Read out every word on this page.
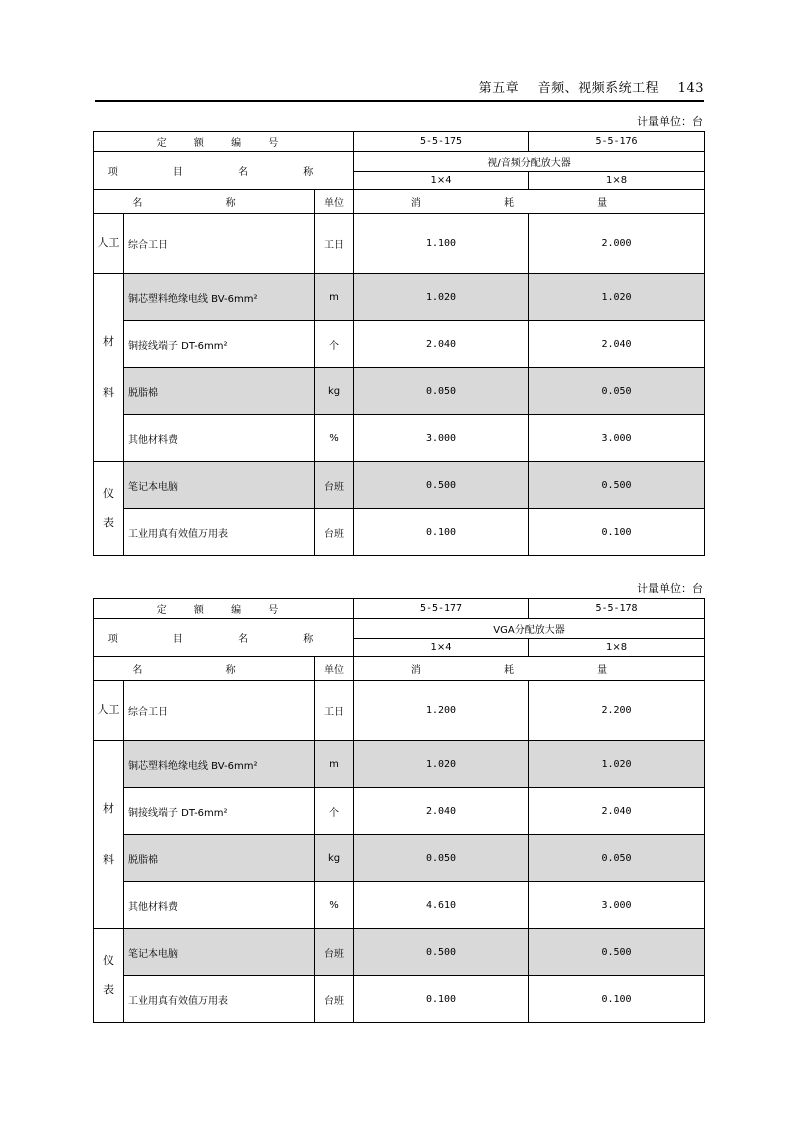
第五章 音频、视频系统工程 143
计量单位：台
定 额 编 号			5-5-175	5-5-176
项 目 名 称			视/音频分配放大器	
			1×4	1×8
名 称		单位	消 耗 量	
人工	综合工日	工日	1.100	2.000

材
料	铜芯塑料绝缘电线 BV-6mm²	m	1.020	1.020
	铜接线端子 DT-6mm²	个	2.040	2.040
	脱脂棉	kg	0.050	0.050
	其他材料费	%	3.000	3.000

仪
表	笔记本电脑	台班	0.500	0.500
	工业用真有效值万用表	台班	0.100	0.100
计量单位：台
定 额 编 号			5-5-177	5-5-178
项 目 名 称			VGA分配放大器	
			1×4	1×8
名 称		单位	消 耗 量	
人工	综合工日	工日	1.200	2.200

材
料	铜芯塑料绝缘电线 BV-6mm²	m	1.020	1.020
	铜接线端子 DT-6mm²	个	2.040	2.040
	脱脂棉	kg	0.050	0.050
	其他材料费	%	4.610	3.000

仪
表	笔记本电脑	台班	0.500	0.500
	工业用真有效值万用表	台班	0.100	0.100
